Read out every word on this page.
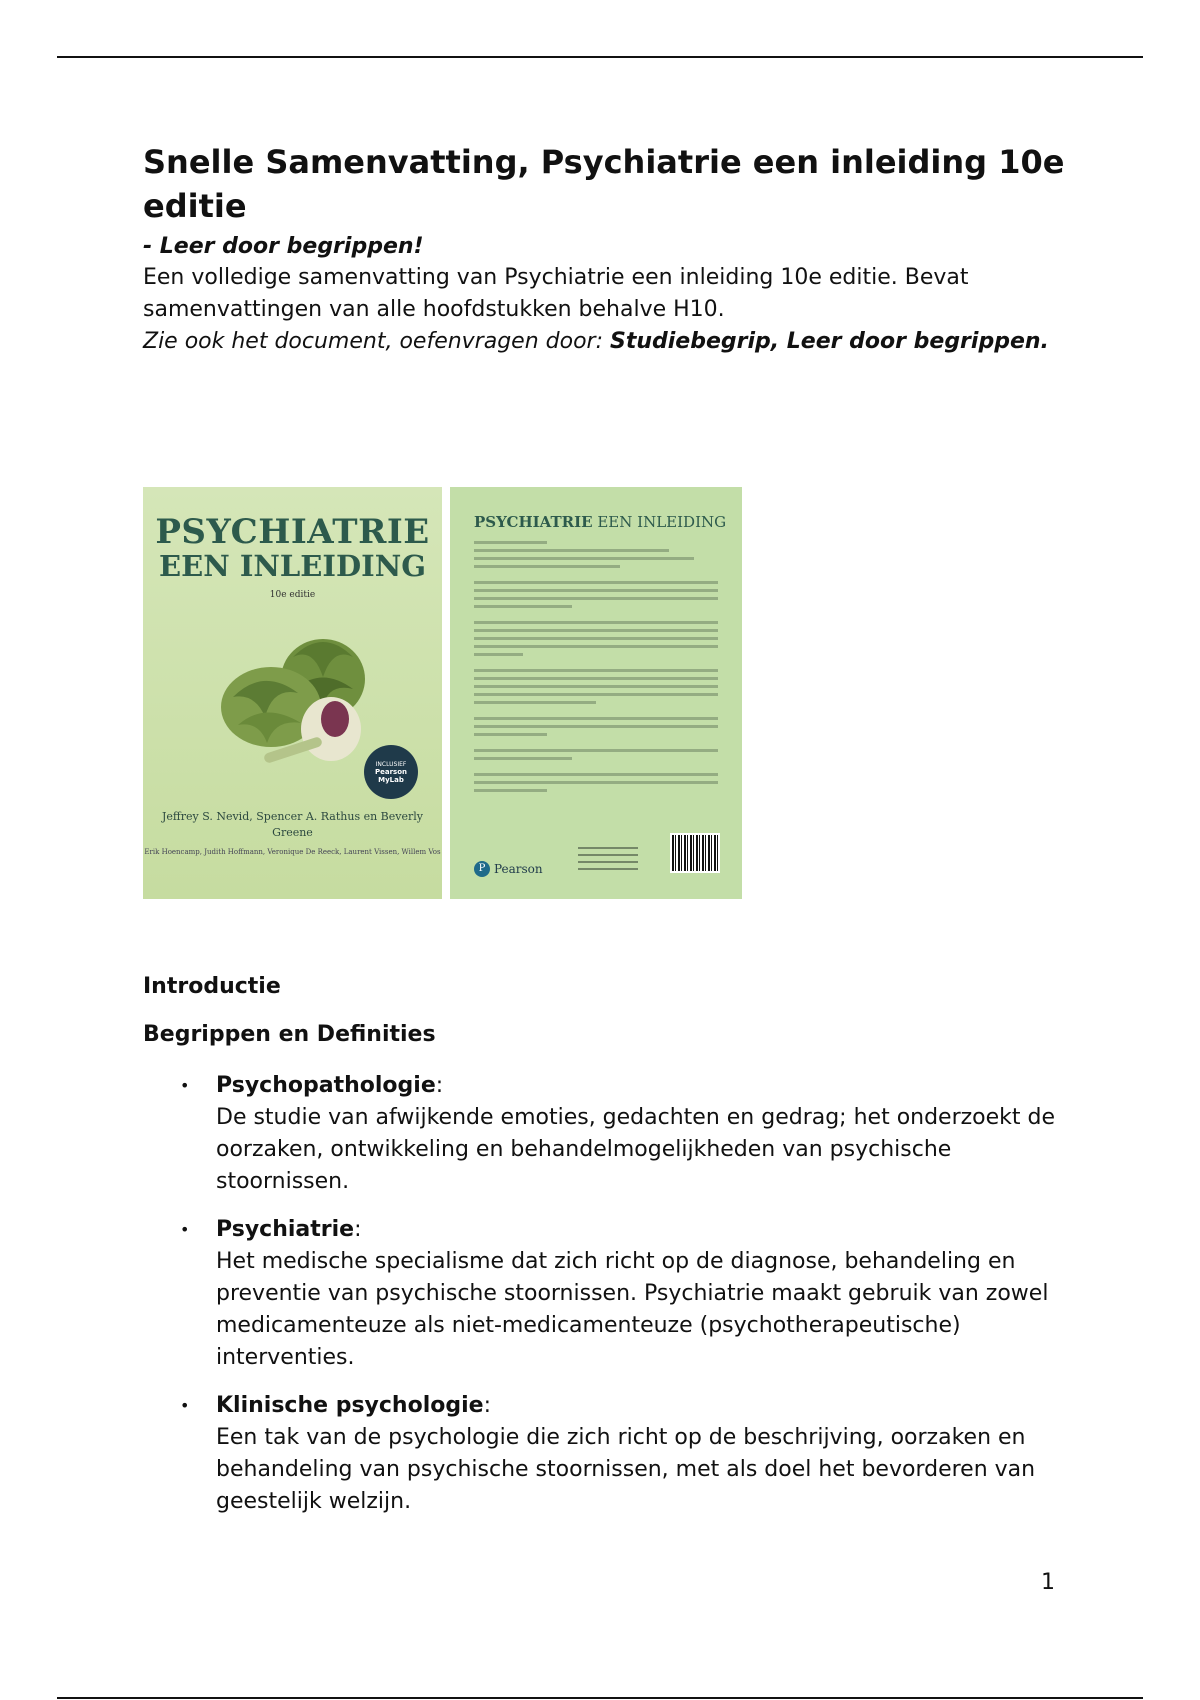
Snelle Samenvatting, Psychiatrie een inleiding 10e editie
- Leer door begrippen!

Een volledige samenvatting van Psychiatrie een inleiding 10e editie. Bevat samenvattingen van alle hoofdstukken behalve H10.

Zie ook het document, oefenvragen door: Studiebegrip, Leer door begrippen.

PSYCHIATRIE
EEN INLEIDING
10e editie
INCLUSIEF
Pearson MyLab
Jeffrey S. Nevid, Spencer A. Rathus en Beverly Greene
Erik Hoencamp, Judith Hoffmann, Veronique De Reeck, Laurent Vissen, Willem Vos
PSYCHIATRIE EEN INLEIDING
P Pearson
Introductie
Begrippen en Definities
• Psychopathologie:
De studie van afwijkende emoties, gedachten en gedrag; het onderzoekt de oorzaken, ontwikkeling en behandelmogelijkheden van psychische stoornissen.
• Psychiatrie:
Het medische specialisme dat zich richt op de diagnose, behandeling en preventie van psychische stoornissen. Psychiatrie maakt gebruik van zowel medicamenteuze als niet-medicamenteuze (psychotherapeutische) interventies.
• Klinische psychologie:
Een tak van de psychologie die zich richt op de beschrijving, oorzaken en behandeling van psychische stoornissen, met als doel het bevorderen van geestelijk welzijn.
1
